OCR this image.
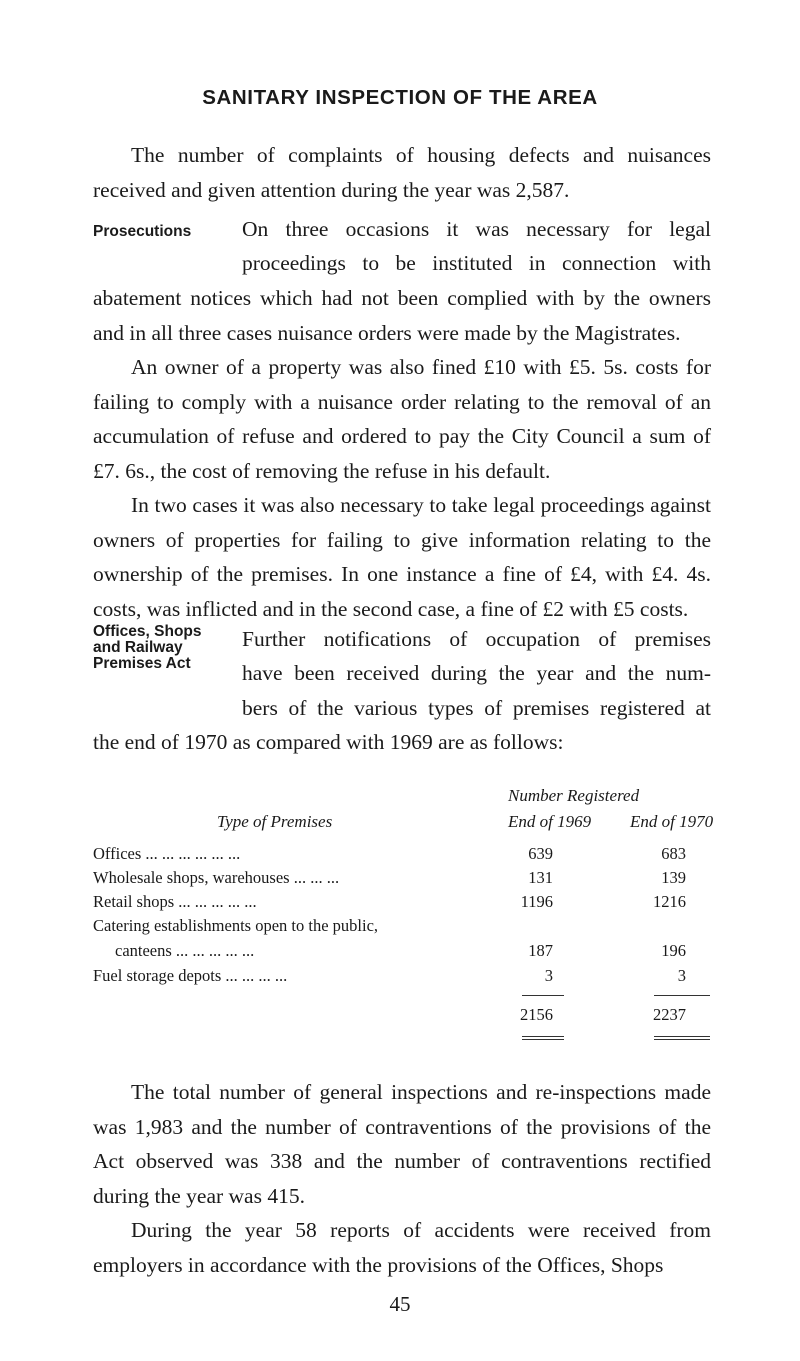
SANITARY INSPECTION OF THE AREA

The number of complaints of housing defects and nuisances received and given attention during the year was 2,587.

Prosecutions On three occasions it was necessary for legal
proceedings to be instituted in connection with

abatement notices which had not been complied with by the owners and in all three cases nuisance orders were made by the Magistrates.

An owner of a property was also fined £10 with £5. 5s. costs for failing to comply with a nuisance order relating to the removal of an accumulation of refuse and ordered to pay the City Council a sum of £7. 6s., the cost of removing the refuse in his default.

In two cases it was also necessary to take legal proceedings against owners of properties for failing to give information relating to the ownership of the premises. In one instance a fine of £4, with £4. 4s. costs, was inflicted and in the second case, a fine of £2 with £5 costs.

Offices, Shops
and Railway
Premises Act
Further notifications of occupation of premises
have been received during the year and the num-
bers of the various types of premises registered at
the end of 1970 as compared with 1969 are as follows:
Number Registered
Type of Premises	End of 1969 End of 1970
Offices ... ... ... ... ... ...	639	683
Wholesale shops, warehouses ... ... ...	131	139
Retail shops ... ... ... ... ...	1196	1216
Catering establishments open to the public,
canteens ... ... ... ... ...	187	196
Fuel storage depots ... ... ... ...	3	3
2156	2237

The total number of general inspections and re-inspections made was 1,983 and the number of contraventions of the provisions of the Act observed was 338 and the number of contraventions rectified during the year was 415.

During the year 58 reports of accidents were received from employers in accordance with the provisions of the Offices, Shops

45
